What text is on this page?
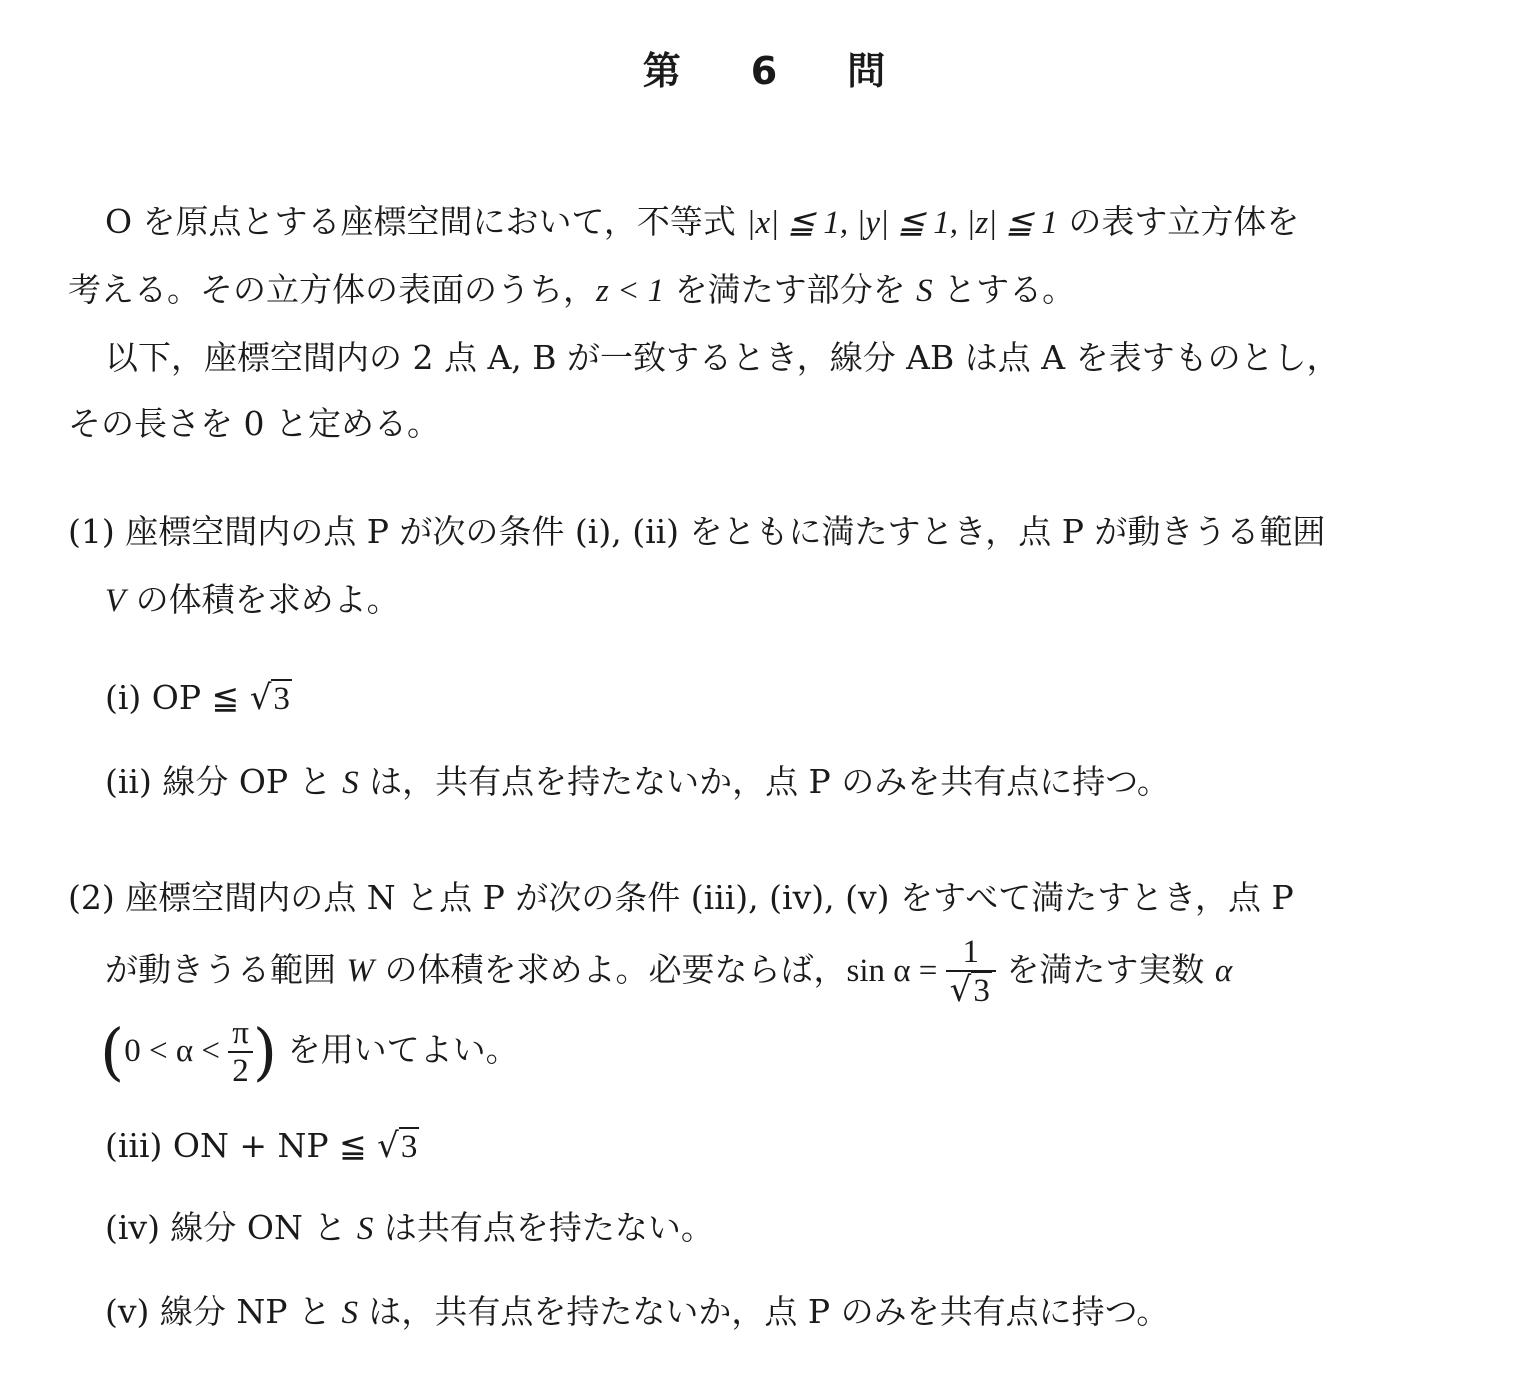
第 6 問
O を原点とする座標空間において，不等式 |x| ≦ 1, |y| ≦ 1, |z| ≦ 1 の表す立方体を
考える。その立方体の表面のうち，z < 1 を満たす部分を S とする。
以下，座標空間内の 2 点 A, B が一致するとき，線分 AB は点 A を表すものとし，
その長さを 0 と定める。
(1) 座標空間内の点 P が次の条件 (i), (ii) をともに満たすとき，点 P が動きうる範囲
V の体積を求めよ。
(i) OP ≦ √3
(ii) 線分 OP と S は，共有点を持たないか，点 P のみを共有点に持つ。
(2) 座標空間内の点 N と点 P が次の条件 (iii), (iv), (v) をすべて満たすとき，点 P
が動きうる範囲 W の体積を求めよ。必要ならば，$\sin \alpha = \frac{1}{√3}$ を満たす実数 α
($0 < \alpha < \frac{\pi}{2}$ ) を用いてよい。
(iii) ON + NP ≦ √3
(iv) 線分 ON と S は共有点を持たない。
(v) 線分 NP と S は，共有点を持たないか，点 P のみを共有点に持つ。
